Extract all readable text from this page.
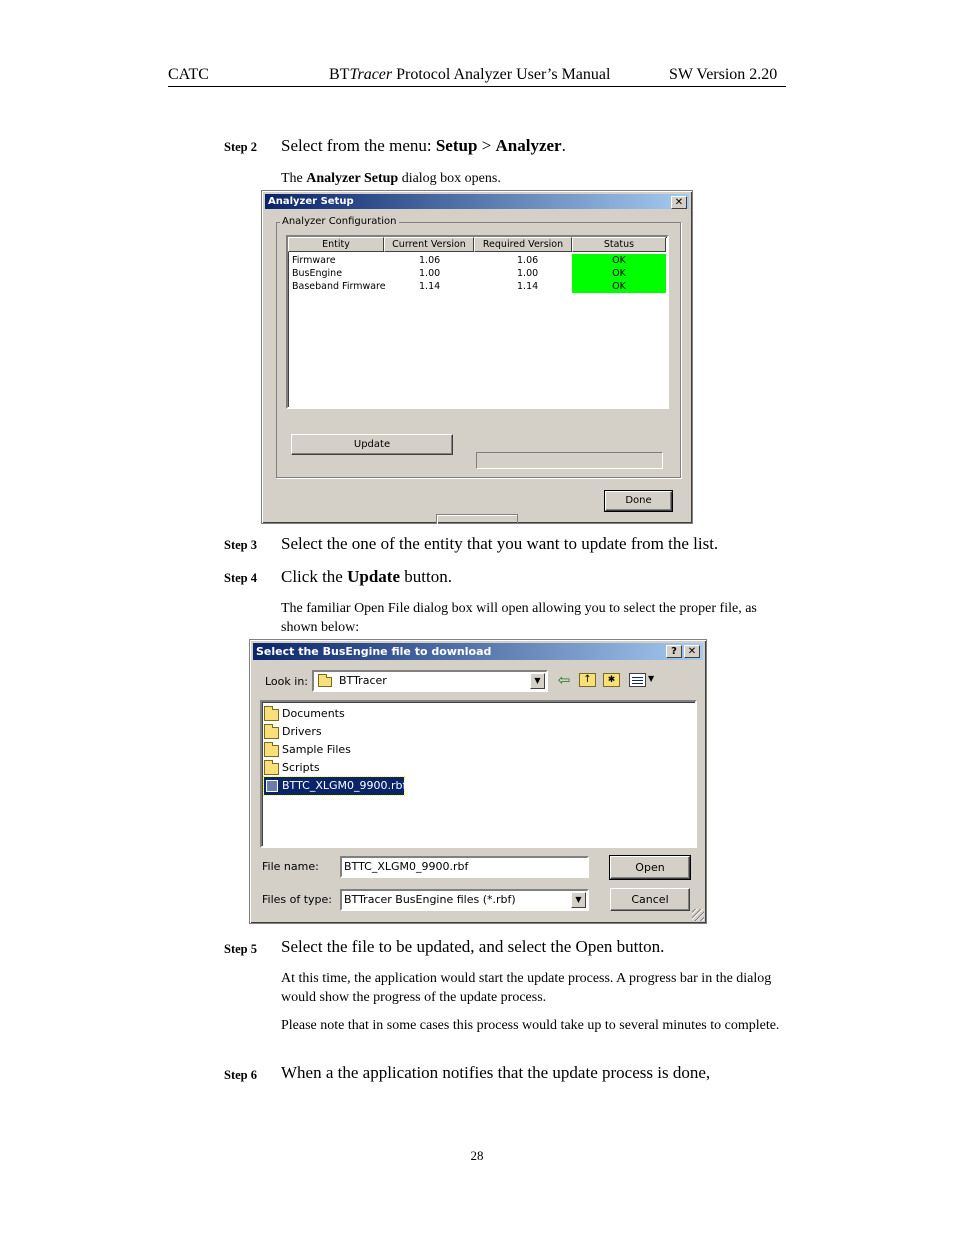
CATC	BTTracer Protocol Analyzer User’s Manual	SW Version 2.20
Step 2 Select from the menu: Setup > Analyzer.
The Analyzer Setup dialog box opens.
Analyzer Setup	✕
Analyzer Configuration
Entity	Current Version	Required Version	Status
Firmware	1.06	1.06	OK
BusEngine	1.00	1.00	OK
Baseband Firmware	1.14	1.14	OK
Update
Done
Step 3 Select the one of the entity that you want to update from the list.
Step 4 Click the Update button.
The familiar Open File dialog box will open allowing you to select the proper file, as shown below:
Select the BusEngine file to download	?	✕
Look in:	BTTracer	▼ ⇦	↑	✱	▼
Documents
Drivers
Sample Files
Scripts
BTTC_XLGM0_9900.rbf
File name: BTTC_XLGM0_9900.rbf	Open
Files of type: BTTracer BusEngine files (*.rbf)	▼	Cancel
Step 5 Select the file to be updated, and select the Open button.
At this time, the application would start the update process. A progress bar in the dialog would show the progress of the update process.
Please note that in some cases this process would take up to several minutes to complete.
Step 6 When a the application notifies that the update process is done,
28
